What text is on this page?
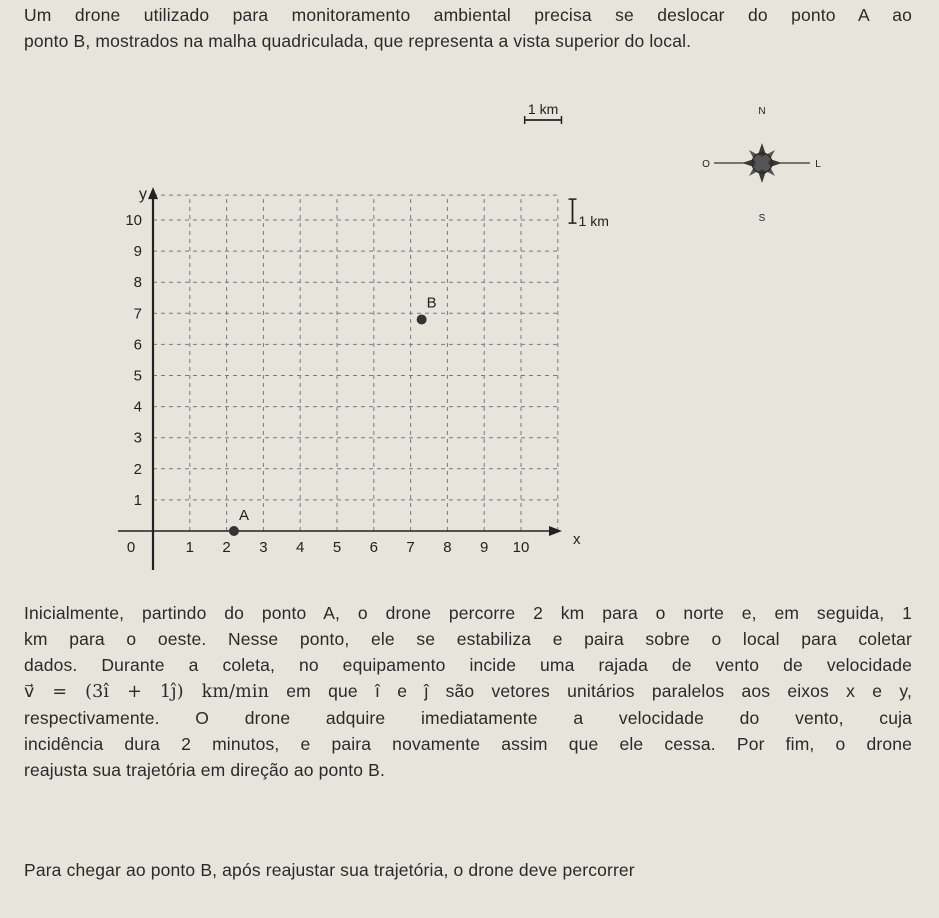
Um drone utilizado para monitoramento ambiental precisa se deslocar do ponto A ao
ponto B, mostrados na malha quadriculada, que representa a vista superior do local.
x
y
0	1 2 3 4 5 6 7 8 9 10
1
2
3
4
5
6
7
8
9
10
A
B
1 km
1 km
N
S
O	L
Inicialmente, partindo do ponto A, o drone percorre 2 km para o norte e, em seguida, 1
km para o oeste. Nesse ponto, ele se estabiliza e paira sobre o local para coletar
dados. Durante a coleta, no equipamento incide uma rajada de vento de velocidade
v⃗ = (3î + 1ĵ) km/min em que î e ĵ são vetores unitários paralelos aos eixos x e y,
respectivamente. O drone adquire imediatamente a velocidade do vento, cuja
incidência dura 2 minutos, e paira novamente assim que ele cessa. Por fim, o drone
reajusta sua trajetória em direção ao ponto B.
Para chegar ao ponto B, após reajustar sua trajetória, o drone deve percorrer
